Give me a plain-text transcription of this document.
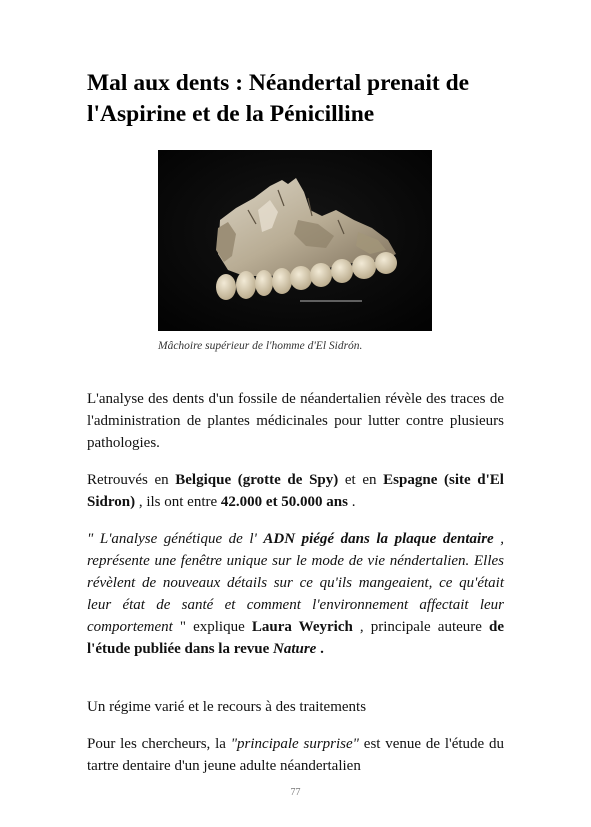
Mal aux dents : Néandertal prenait de l'Aspirine et de la Pénicilline
Mâchoire supérieur de l'homme d'El Sidrón.

L'analyse des dents d'un fossile de néandertalien révèle des traces de l'administration de plantes médicinales pour lutter contre plusieurs pathologies.

Retrouvés en Belgique (grotte de Spy) et en Espagne (site d'El Sidron) , ils ont entre 42.000 et 50.000 ans .

" L'analyse génétique de l' ADN piégé dans la plaque dentaire , représente une fenêtre unique sur le mode de vie néndertalien. Elles révèlent de nouveaux détails sur ce qu'ils mangeaient, ce qu'était leur état de santé et comment l'environnement affectait leur comportement " explique Laura Weyrich , principale auteure de l'étude publiée dans la revue Nature .

Un régime varié et le recours à des traitements

Pour les chercheurs, la "principale surprise" est venue de l'étude du tartre dentaire d'un jeune adulte néandertalien

77
